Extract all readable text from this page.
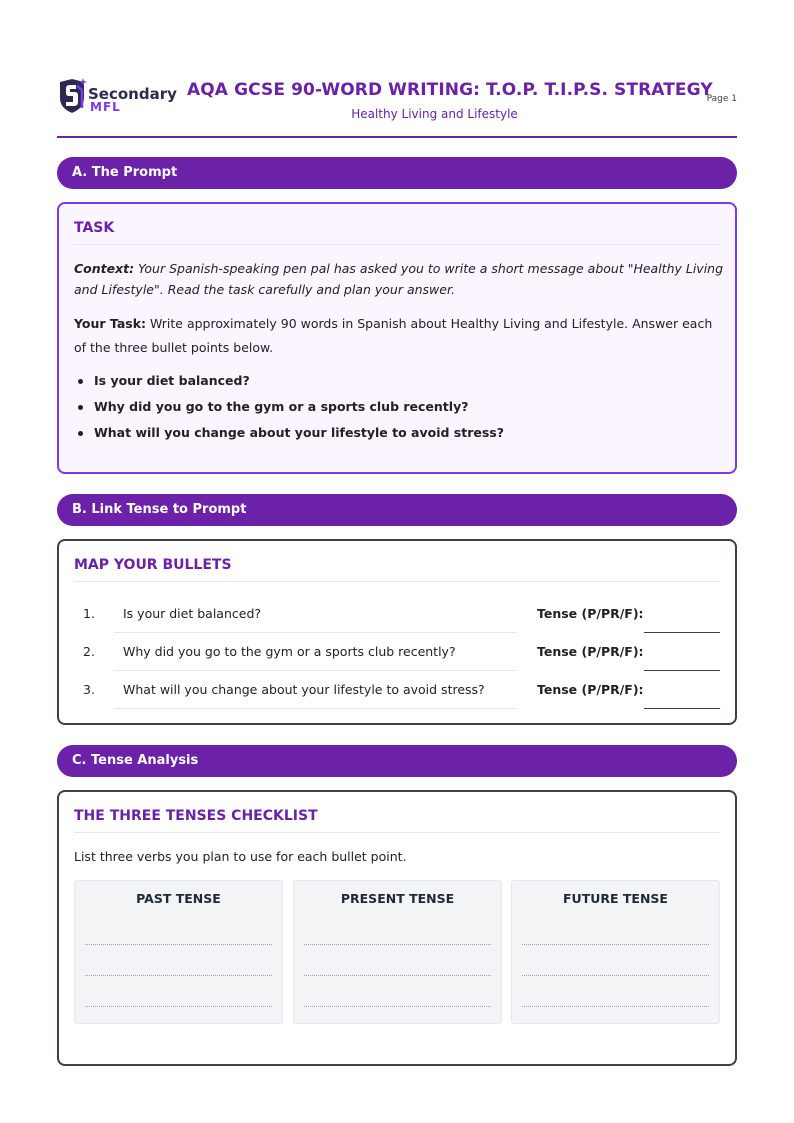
Secondary
MFL
AQA GCSE 90-WORD WRITING: T.O.P. T.I.P.S. STRATEGY
Healthy Living and Lifestyle
Page 1
A. The Prompt
TASK
Context: Your Spanish-speaking pen pal has asked you to write a short message about "Healthy Living and Lifestyle". Read the task carefully and plan your answer.
Your Task: Write approximately 90 words in Spanish about Healthy Living and Lifestyle. Answer each of the three bullet points below.
Is your diet balanced?
Why did you go to the gym or a sports club recently?
What will you change about your lifestyle to avoid stress?
B. Link Tense to Prompt
MAP YOUR BULLETS
1.	Is your diet balanced?	Tense (P/PR/F):
2.	Why did you go to the gym or a sports club recently?	Tense (P/PR/F):
3.	What will you change about your lifestyle to avoid stress?	Tense (P/PR/F):
C. Tense Analysis
THE THREE TENSES CHECKLIST
List three verbs you plan to use for each bullet point.
PAST TENSE	PRESENT TENSE	FUTURE TENSE
